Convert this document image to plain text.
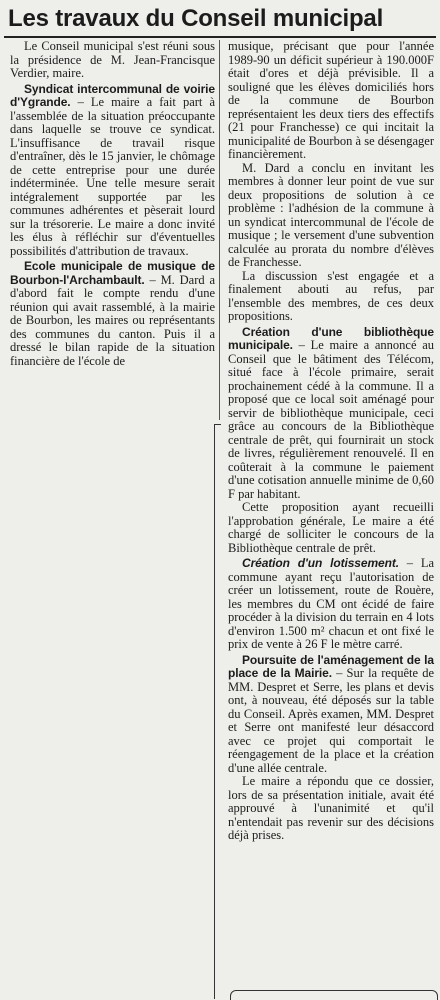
Les travaux du Conseil municipal

Le Conseil municipal s'est réuni sous la présidence de M. Jean-Francisque Verdier, maire.

Syndicat intercommunal de voirie d'Ygrande. – Le maire a fait part à l'assemblée de la situation préoccupante dans laquelle se trouve ce syndicat. L'insuffisance de travail risque d'entraîner, dès le 15 janvier, le chômage de cette entreprise pour une durée indéterminée. Une telle mesure serait intégralement supportée par les communes adhérentes et pèserait lourd sur la trésorerie. Le maire a donc invité les élus à réfléchir sur d'éventuelles possibilités d'attribution de travaux.

Ecole municipale de musique de Bourbon-l'Archambault. – M. Dard a d'abord fait le compte rendu d'une réunion qui avait rassemblé, à la mairie de Bourbon, les maires ou représentants des communes du canton. Puis il a dressé le bilan rapide de la situation financière de l'école de

musique, précisant que pour l'année 1989-90 un déficit supérieur à 190.000F était d'ores et déjà prévisible. Il a souligné que les élèves domiciliés hors de la commune de Bourbon représentaient les deux tiers des effectifs (21 pour Franchesse) ce qui incitait la municipalité de Bourbon à se désengager financièrement.

M. Dard a conclu en invitant les membres à donner leur point de vue sur deux propositions de solution à ce problème : l'adhésion de la commune à un syndicat intercommunal de l'école de musique ; le versement d'une subvention calculée au prorata du nombre d'élèves de Franchesse.

La discussion s'est engagée et a finalement abouti au refus, par l'ensemble des membres, de ces deux propositions.

Création d'une bibliothèque municipale. – Le maire a annoncé au Conseil que le bâtiment des Télécom, situé face à l'école primaire, serait prochainement cédé à la commune. Il a proposé que ce local soit aménagé pour servir de bibliothèque municipale, ceci grâce au concours de la Bibliothèque centrale de prêt, qui fournirait un stock de livres, régulièrement renouvelé. Il en coûterait à la commune le paiement d'une cotisation annuelle minime de 0,60 F par habitant.

Cette proposition ayant recueilli l'approbation générale, Le maire a été chargé de solliciter le concours de la Bibliothèque centrale de prêt.

Création d'un lotissement. – La commune ayant reçu l'autorisation de créer un lotissement, route de Rouère, les membres du CM ont écidé de faire procéder à la division du terrain en 4 lots d'environ 1.500 m² chacun et ont fixé le prix de vente à 26 F le mètre carré.

Poursuite de l'aménagement de la place de la Mairie. – Sur la requête de MM. Despret et Serre, les plans et devis ont, à nouveau, été déposés sur la table du Conseil. Après examen, MM. Despret et Serre ont manifesté leur désaccord avec ce projet qui comportait le réengagement de la place et la création d'une allée centrale.

Le maire a répondu que ce dossier, lors de sa présentation initiale, avait été approuvé à l'unanimité et qu'il n'entendait pas revenir sur des décisions déjà prises.
